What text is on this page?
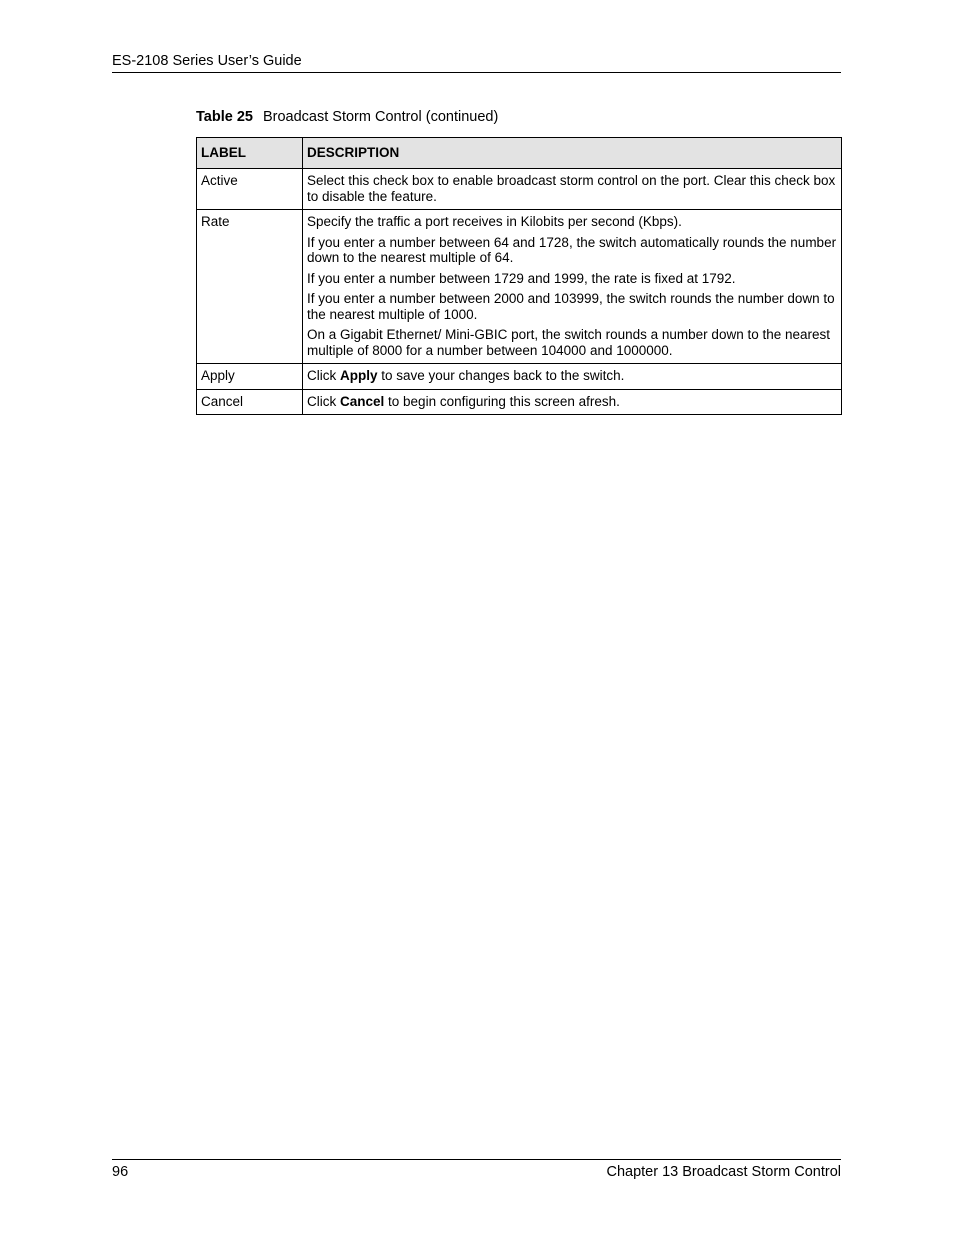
ES-2108 Series User’s Guide
Table 25 Broadcast Storm Control (continued)
LABEL	DESCRIPTION
Active	Select this check box to enable broadcast storm control on the port. Clear this check box to disable the feature.

Rate	Specify the traffic a port receives in Kilobits per second (Kbps).

If you enter a number between 64 and 1728, the switch automatically rounds the number down to the nearest multiple of 64.

If you enter a number between 1729 and 1999, the rate is fixed at 1792.

If you enter a number between 2000 and 103999, the switch rounds the number down to the nearest multiple of 1000.

On a Gigabit Ethernet/ Mini-GBIC port, the switch rounds a number down to the nearest multiple of 8000 for a number between 104000 and 1000000.

Apply	Click Apply to save your changes back to the switch.
Cancel	Click Cancel to begin configuring this screen afresh.
96	Chapter 13 Broadcast Storm Control
